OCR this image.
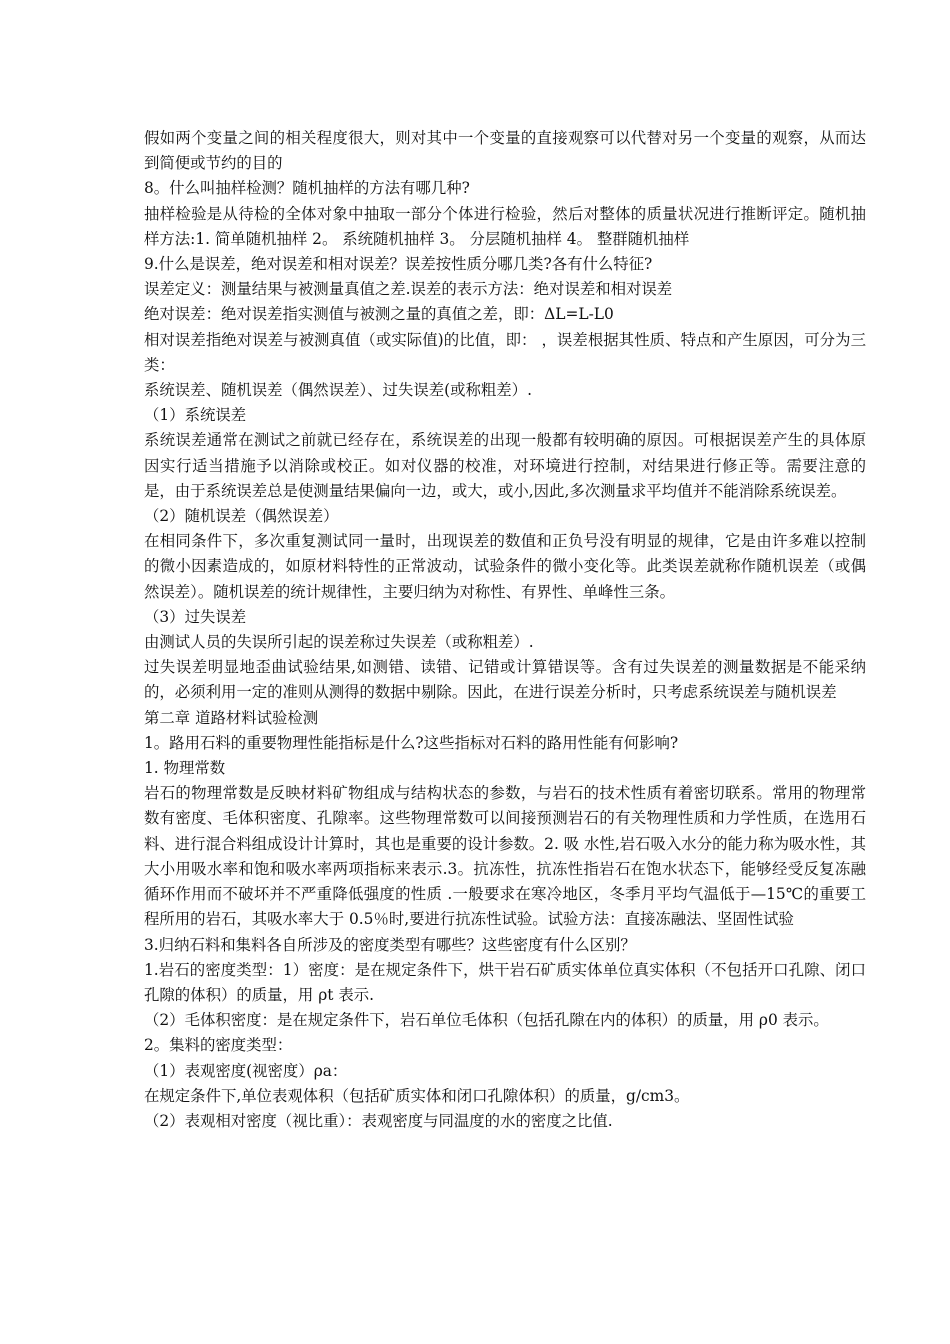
假如两个变量之间的相关程度很大，则对其中一个变量的直接观察可以代替对另一个变量的观察，从而达到简便或节约的目的

8。什么叫抽样检测？随机抽样的方法有哪几种?

抽样检验是从待检的全体对象中抽取一部分个体进行检验，然后对整体的质量状况进行推断评定。随机抽样方法:1. 简单随机抽样 2。 系统随机抽样 3。 分层随机抽样 4。 整群随机抽样

9.什么是误差，绝对误差和相对误差？误差按性质分哪几类?各有什么特征?

误差定义：测量结果与被测量真值之差.误差的表示方法：绝对误差和相对误差

绝对误差：绝对误差指实测值与被测之量的真值之差，即：ΔL=L-L0

相对误差指绝对误差与被测真值（或实际值)的比值，即： ，误差根据其性质、特点和产生原因，可分为三类：

系统误差、随机误差（偶然误差）、过失误差(或称粗差）.

（1）系统误差

系统误差通常在测试之前就已经存在，系统误差的出现一般都有较明确的原因。可根据误差产生的具体原因实行适当措施予以消除或校正。如对仪器的校准，对环境进行控制，对结果进行修正等。需要注意的是，由于系统误差总是使测量结果偏向一边，或大，或小,因此,多次测量求平均值并不能消除系统误差。

（2）随机误差（偶然误差）

在相同条件下，多次重复测试同一量时，出现误差的数值和正负号没有明显的规律，它是由许多难以控制的微小因素造成的，如原材料特性的正常波动，试验条件的微小变化等。此类误差就称作随机误差（或偶然误差）。随机误差的统计规律性，主要归纳为对称性、有界性、单峰性三条。

（3）过失误差

由测试人员的失误所引起的误差称过失误差（或称粗差）.

过失误差明显地歪曲试验结果,如测错、读错、记错或计算错误等。含有过失误差的测量数据是不能采纳的，必须利用一定的准则从测得的数据中剔除。因此，在进行误差分析时，只考虑系统误差与随机误差

第二章 道路材料试验检测

1。路用石料的重要物理性能指标是什么?这些指标对石料的路用性能有何影响?

1. 物理常数

岩石的物理常数是反映材料矿物组成与结构状态的参数，与岩石的技术性质有着密切联系。常用的物理常数有密度、毛体积密度、孔隙率。这些物理常数可以间接预测岩石的有关物理性质和力学性质，在选用石料、进行混合料组成设计计算时，其也是重要的设计参数。2. 吸 水性,岩石吸入水分的能力称为吸水性，其大小用吸水率和饱和吸水率两项指标来表示.3。抗冻性，抗冻性指岩石在饱水状态下，能够经受反复冻融循环作用而不破坏并不严重降低强度的性质 .一般要求在寒冷地区，冬季月平均气温低于—15℃的重要工程所用的岩石，其吸水率大于 0.5％时,要进行抗冻性试验。试验方法：直接冻融法、坚固性试验

3.归纳石料和集料各自所涉及的密度类型有哪些？这些密度有什么区别？

1.岩石的密度类型：1）密度：是在规定条件下，烘干岩石矿质实体单位真实体积（不包括开口孔隙、闭口孔隙的体积）的质量，用 ρt 表示.

（2）毛体积密度：是在规定条件下，岩石单位毛体积（包括孔隙在内的体积）的质量，用 ρ0 表示。

2。集料的密度类型：

（1）表观密度(视密度）ρa：

在规定条件下,单位表观体积（包括矿质实体和闭口孔隙体积）的质量，g/cm3。

（2）表观相对密度（视比重）：表观密度与同温度的水的密度之比值.
